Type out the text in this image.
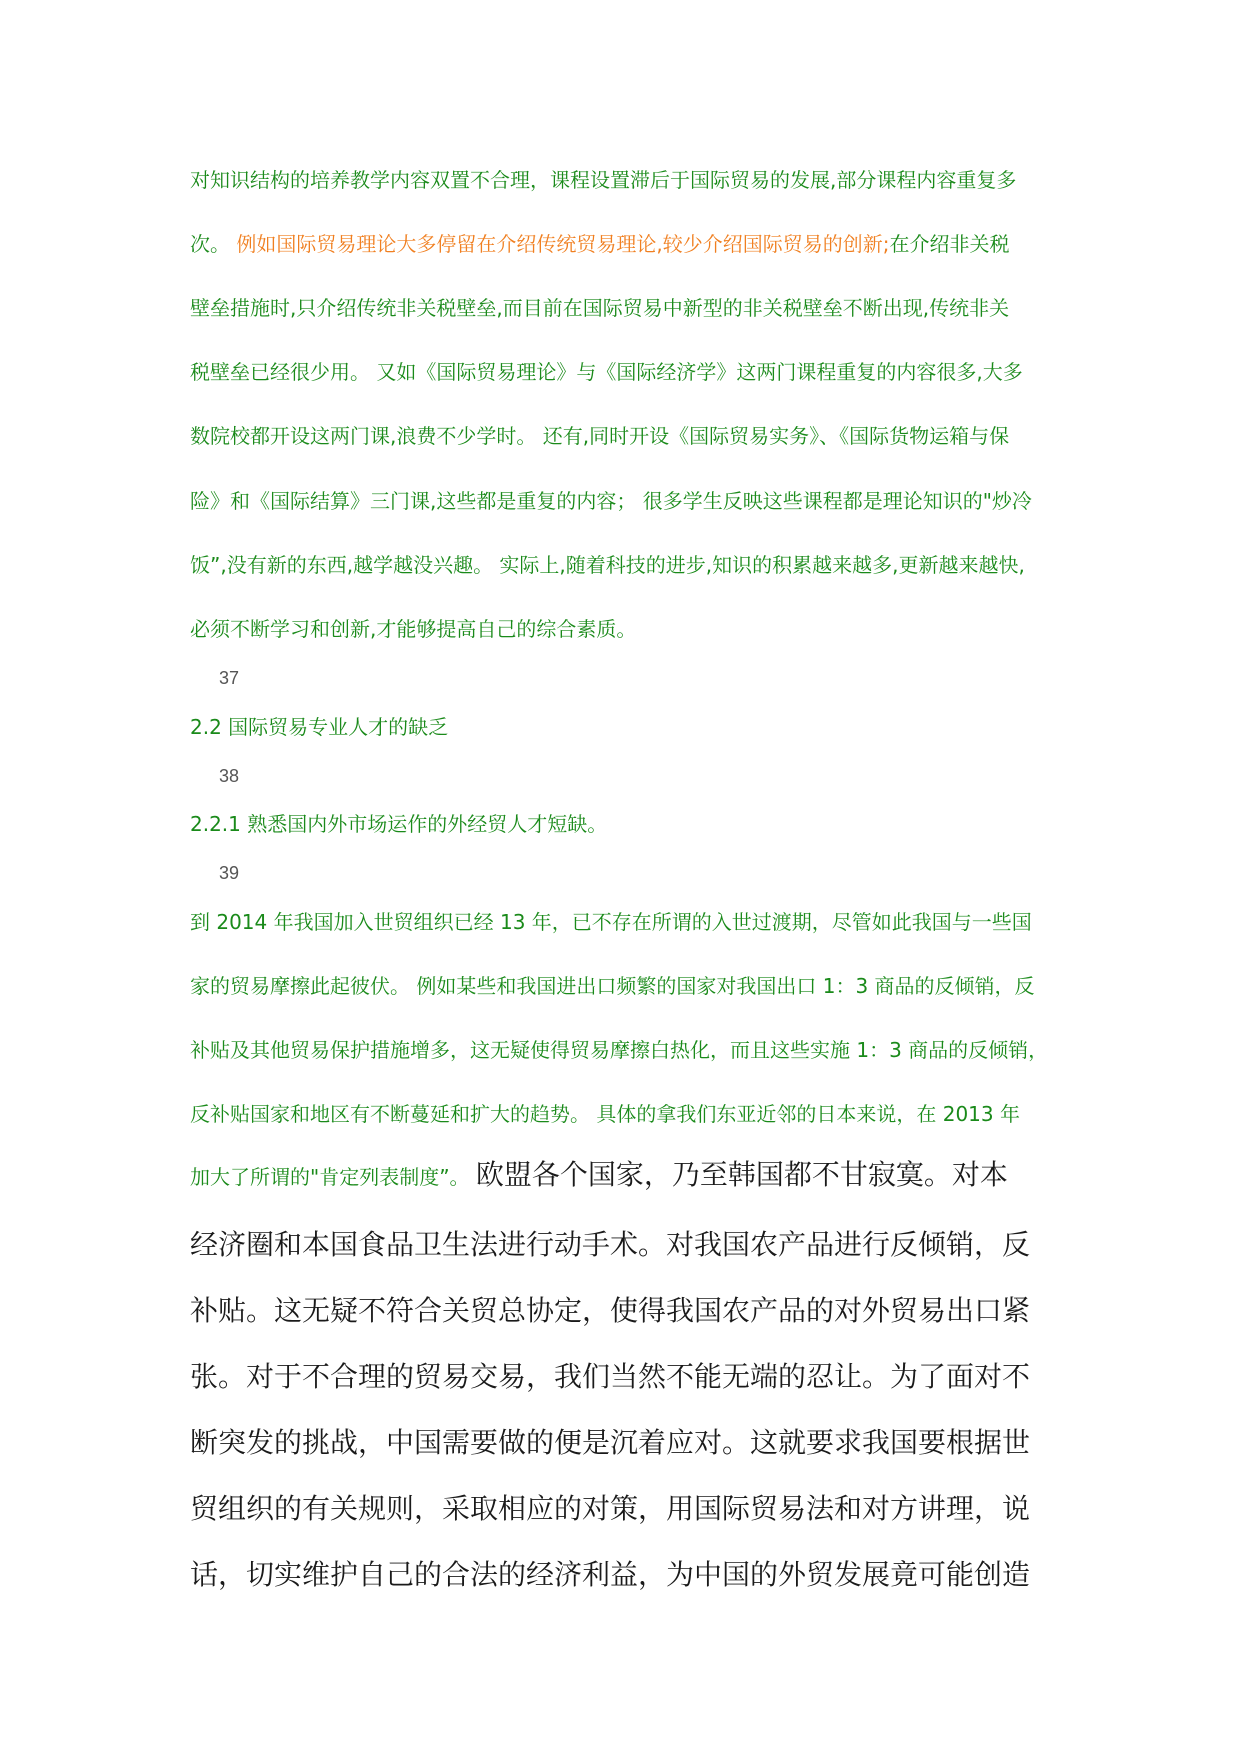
对知识结构的培养教学内容双置不合理，课程设置滞后于国际贸易的发展,部分课程内容重复多
次。 例如国际贸易理论大多停留在介绍传统贸易理论,较少介绍国际贸易的创新;在介绍非关税
壁垒措施时,只介绍传统非关税壁垒,而目前在国际贸易中新型的非关税壁垒不断出现,传统非关
税壁垒已经很少用。 又如《国际贸易理论》与《国际经济学》这两门课程重复的内容很多,大多
数院校都开设这两门课,浪费不少学时。 还有,同时开设《国际贸易实务》、《国际货物运箱与保
险》和《国际结算》三门课,这些都是重复的内容； 很多学生反映这些课程都是理论知识的"炒冷
饭”,没有新的东西,越学越没兴趣。 实际上,随着科技的进步,知识的积累越来越多,更新越来越快,
必须不断学习和创新,才能够提高自己的综合素质。
37
2.2 国际贸易专业人才的缺乏
38
2.2.1 熟悉国内外市场运作的外经贸人才短缺。
39
到 2014 年我国加入世贸组织已经 13 年，已不存在所谓的入世过渡期，尽管如此我国与一些国
家的贸易摩擦此起彼伏。 例如某些和我国进出口频繁的国家对我国出口 1：3 商品的反倾销，反
补贴及其他贸易保护措施增多，这无疑使得贸易摩擦白热化，而且这些实施 1：3 商品的反倾销，
反补贴国家和地区有不断蔓延和扩大的趋势。 具体的拿我们东亚近邻的日本来说，在 2013 年
加大了所谓的"肯定列表制度”。 欧盟各个国家，乃至韩国都不甘寂寞。对本
经济圈和本国食品卫生法进行动手术。对我国农产品进行反倾销，反
补贴。这无疑不符合关贸总协定，使得我国农产品的对外贸易出口紧
张。对于不合理的贸易交易，我们当然不能无端的忍让。为了面对不
断突发的挑战，中国需要做的便是沉着应对。这就要求我国要根据世
贸组织的有关规则，采取相应的对策，用国际贸易法和对方讲理，说
话，切实维护自己的合法的经济利益，为中国的外贸发展竟可能创造
